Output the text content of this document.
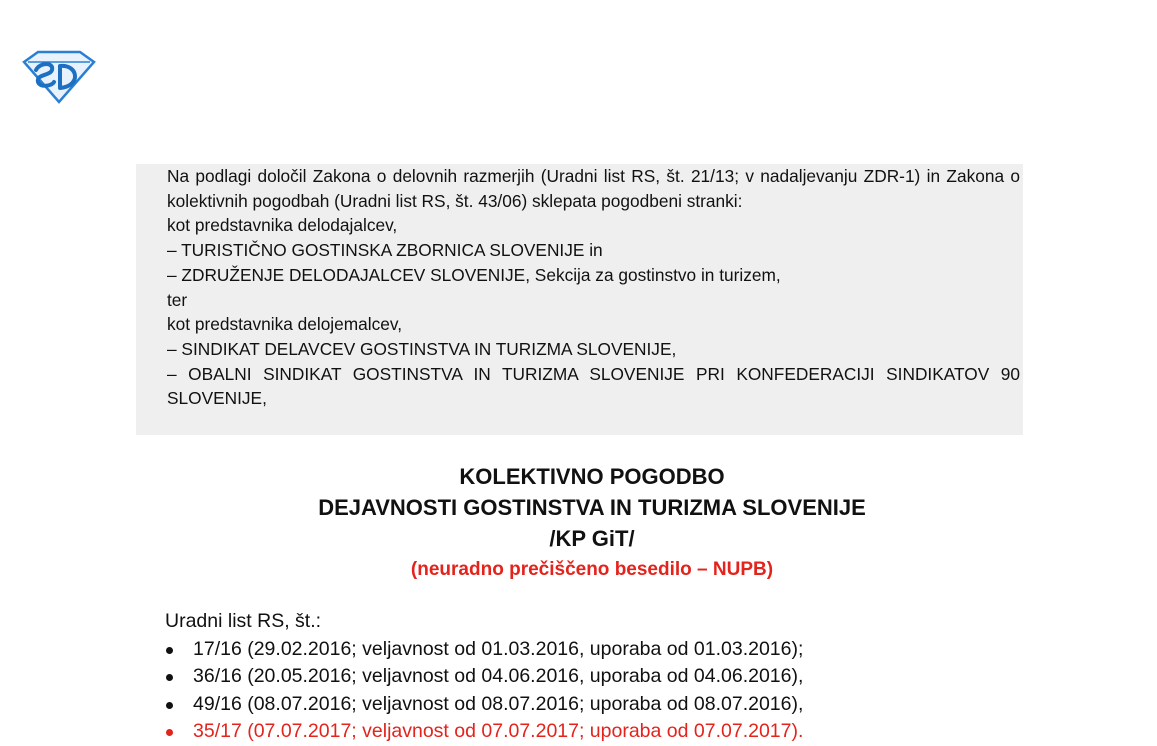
Na podlagi določil Zakona o delovnih razmerjih (Uradni list RS, št. 21/13; v nadaljevanju ZDR-1) in Zakona o kolektivnih pogodbah (Uradni list RS, št. 43/06) sklepata pogodbeni stranki:

kot predstavnika delodajalcev,

– TURISTIČNO GOSTINSKA ZBORNICA SLOVENIJE in

– ZDRUŽENJE DELODAJALCEV SLOVENIJE, Sekcija za gostinstvo in turizem,

ter

kot predstavnika delojemalcev,

– SINDIKAT DELAVCEV GOSTINSTVA IN TURIZMA SLOVENIJE,

– OBALNI SINDIKAT GOSTINSTVA IN TURIZMA SLOVENIJE PRI KONFEDERACIJI SINDIKATOV 90 SLOVENIJE,

KOLEKTIVNO POGODBO
DEJAVNOSTI GOSTINSTVA IN TURIZMA SLOVENIJE
/KP GiT/
(neuradno prečiščeno besedilo – NUPB)
Uradni list RS, št.:
17/16 (29.02.2016; veljavnost od 01.03.2016, uporaba od 01.03.2016);
36/16 (20.05.2016; veljavnost od 04.06.2016, uporaba od 04.06.2016),
49/16 (08.07.2016; veljavnost od 08.07.2016; uporaba od 08.07.2016),
35/17 (07.07.2017; veljavnost od 07.07.2017; uporaba od 07.07.2017).
